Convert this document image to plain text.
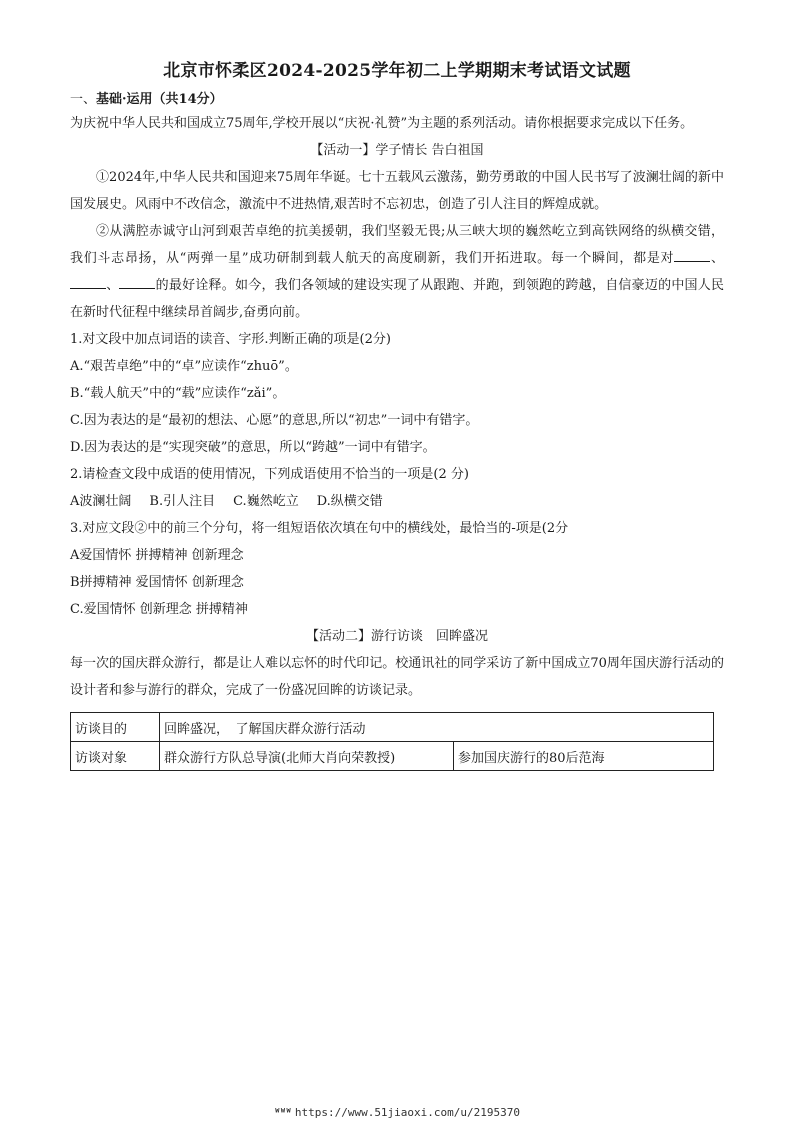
北京市怀柔区2024-2025学年初二上学期期末考试语文试题

一、基础·运用（共14分）

为庆祝中华人民共和国成立75周年,学校开展以“庆祝·礼赞”为主题的系列活动。请你根据要求完成以下任务。

【活动一】学子情长 告白祖国

①2024年,中华人民共和国迎来75周年华诞。七十五载风云激荡，勤劳勇敢的中国人民书写了波澜壮阔的新中国发展史。风雨中不改信念，激流中不进热情,艰苦时不忘初忠，创造了引人注目的辉煌成就。

②从满腔赤诚守山河到艰苦卓绝的抗美援朝，我们坚毅无畏;从三峡大坝的巍然屹立到高铁网络的纵横交错，我们斗志昂扬，从“两弹一星”成功研制到载人航天的高度刷新，我们开拓进取。每一个瞬间，都是对	、、	的最好诠释。如今，我们各领域的建设实现了从跟跑、并跑，到领跑的跨越，自信豪迈的中国人民在新时代征程中继续昂首阔步,奋勇向前。

1.对文段中加点词语的读音、字形.判断正确的项是(2分)

A.“艰苦卓绝”中的“卓”应读作“zhuō”。

B.“载人航天”中的“载”应读作“zǎi”。

C.因为表达的是“最初的想法、心愿”的意思,所以“初忠”一词中有错字。

D.因为表达的是“实现突破”的意思，所以“跨越”一词中有错字。

2.请检查文段中成语的使用情况，下列成语使用不恰当的一项是(2 分)

A波澜壮阔 B.引人注目 C.巍然屹立 D.纵横交错

3.对应文段②中的前三个分句，将一组短语依次填在句中的横线处，最恰当的-项是(2分

A爱国情怀 拼搏精神 创新理念

B拼搏精神 爱国情怀 创新理念

C.爱国情怀 创新理念 拼搏精神

【活动二】游行访谈　回眸盛况

每一次的国庆群众游行，都是让人难以忘怀的时代印记。校通讯社的同学采访了新中国成立70周年国庆游行活动的设计者和参与游行的群众，完成了一份盛况回眸的访谈记录。

访谈目的	回眸盛况，　了解国庆群众游行活动	
访谈对象	群众游行方队总导演(北师大肖向荣教授)	参加国庆游行的80后范海
ᵂᵂᵂ https://www.51jiaoxi.com/u/2195370
